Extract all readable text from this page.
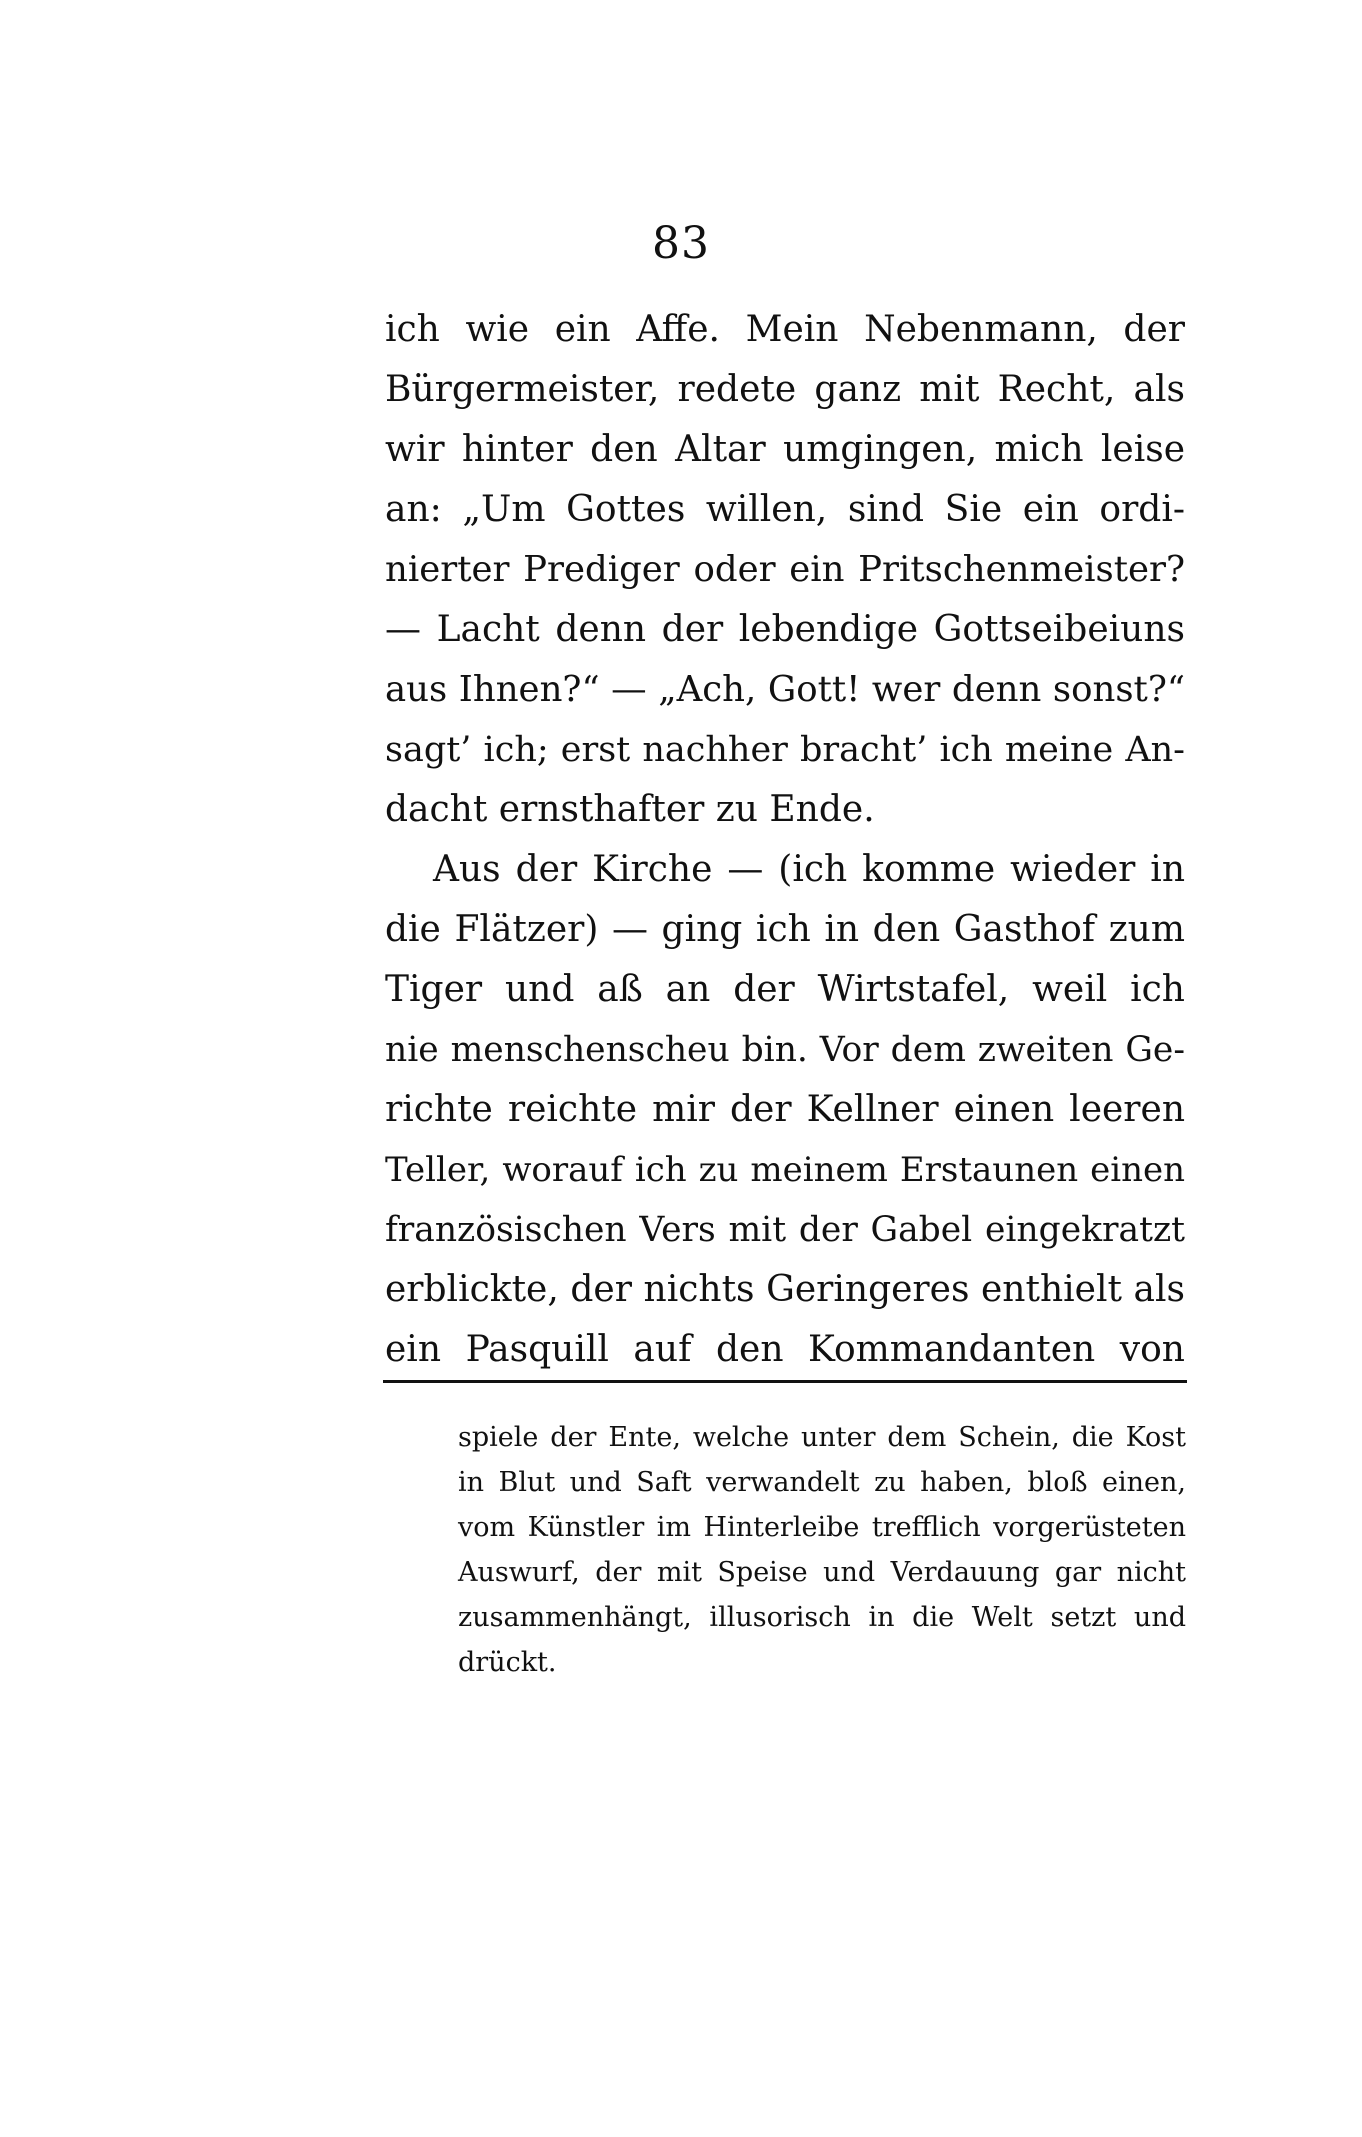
83
ich wie ein Affe. Mein Nebenmann, der
Bürgermeister, redete ganz mit Recht, als
wir hinter den Altar umgingen, mich leise
an: „Um Gottes willen, sind Sie ein ordi-
nierter Prediger oder ein Pritschenmeister?
— Lacht denn der lebendige Gottseibeiuns
aus Ihnen?“ — „Ach, Gott! wer denn sonst?“
sagt’ ich; erst nachher bracht’ ich meine An-
dacht ernsthafter zu Ende.
Aus der Kirche — (ich komme wieder in
die Flätzer) — ging ich in den Gasthof zum
Tiger und aß an der Wirtstafel, weil ich
nie menschenscheu bin. Vor dem zweiten Ge-
richte reichte mir der Kellner einen leeren
Teller, worauf ich zu meinem Erstaunen einen
französischen Vers mit der Gabel eingekratzt
erblickte, der nichts Geringeres enthielt als
ein Pasquill auf den Kommandanten von
spiele der Ente, welche unter dem Schein, die Kost
in Blut und Saft verwandelt zu haben, bloß einen,
vom Künstler im Hinterleibe trefflich vorgerüsteten
Auswurf, der mit Speise und Verdauung gar nicht
zusammenhängt, illusorisch in die Welt setzt und
drückt.
